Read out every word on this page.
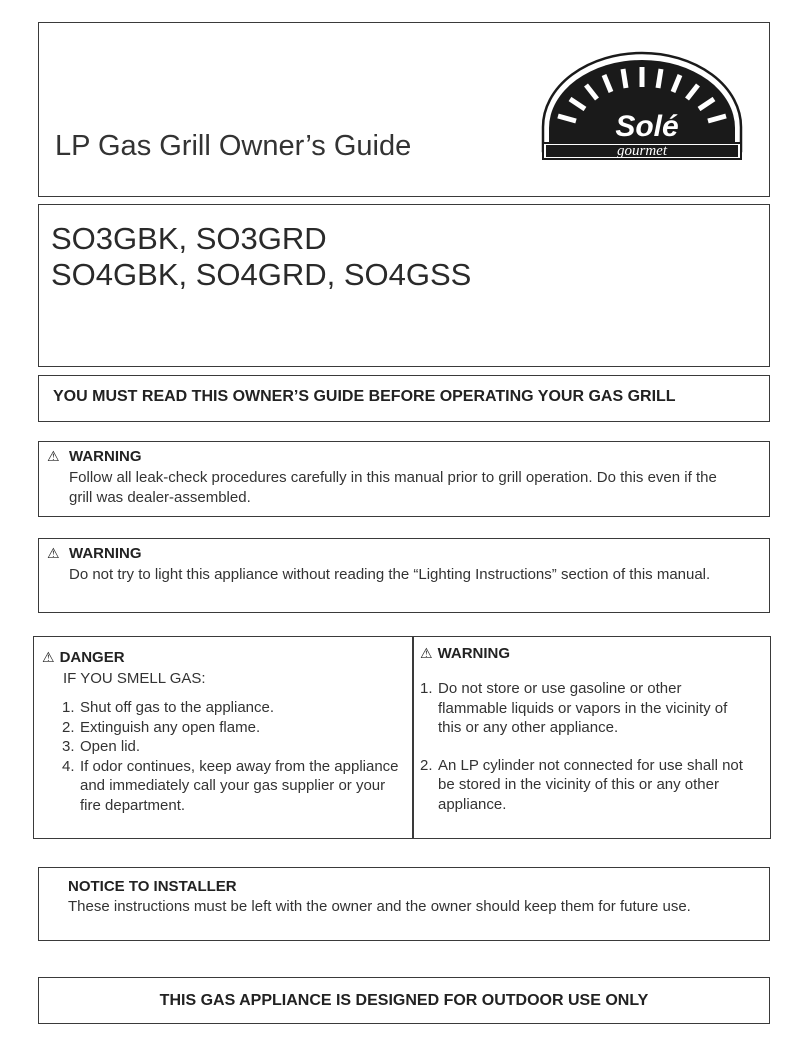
LP Gas Grill Owner’s Guide
Solé
gourmet
SO3GBK, SO3GRD
SO4GBK, SO4GRD, SO4GSS
YOU MUST READ THIS OWNER’S GUIDE BEFORE OPERATING YOUR GAS GRILL
⚠ WARNING
Follow all leak-check procedures carefully in this manual prior to grill operation. Do this even if the grill was dealer-assembled.
⚠ WARNING
Do not try to light this appliance without reading the “Lighting Instructions” section of this manual.
⚠ DANGER
IF YOU SMELL GAS:
1. Shut off gas to the appliance.
2. Extinguish any open flame.
3. Open lid.
4. If odor continues, keep away from the appliance and immediately call your gas supplier or your fire department.
⚠ WARNING
1. Do not store or use gasoline or other flammable liquids or vapors in the vicinity of this or any other appliance.
2. An LP cylinder not connected for use shall not be stored in the vicinity of this or any other appliance.
NOTICE TO INSTALLER
These instructions must be left with the owner and the owner should keep them for future use.
THIS GAS APPLIANCE IS DESIGNED FOR OUTDOOR USE ONLY
